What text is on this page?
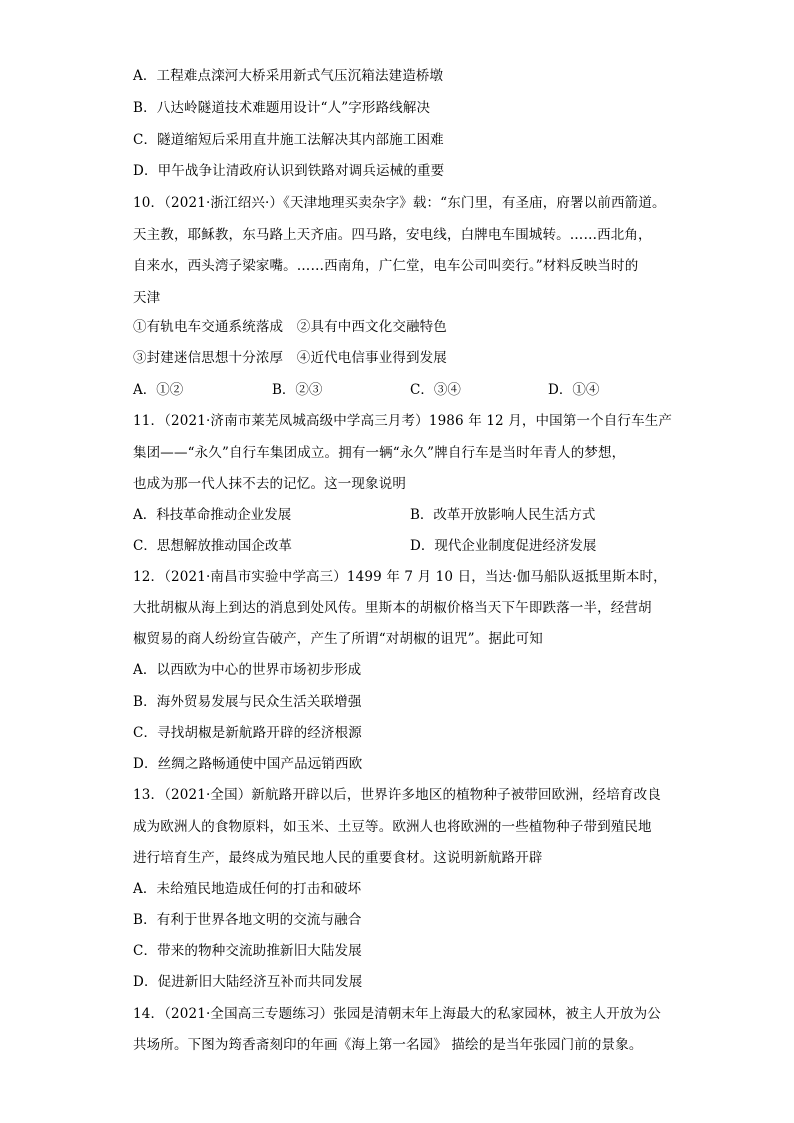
A．工程难点滦河大桥采用新式气压沉箱法建造桥墩
B．八达岭隧道技术难题用设计“人”字形路线解决
C．隧道缩短后采用直井施工法解决其内部施工困难
D．甲午战争让清政府认识到铁路对调兵运械的重要
10．（2021·浙江绍兴·）《天津地理买卖杂字》载：“东门里，有圣庙，府署以前西箭道。
天主教，耶稣教，东马路上天齐庙。四马路，安电线，白牌电车围城转。……西北角，
自来水，西头湾子梁家嘴。……西南角，广仁堂，电车公司叫奕行。”材料反映当时的
天津
①有轨电车交通系统落成　②具有中西文化交融特色
③封建迷信思想十分浓厚　④近代电信事业得到发展
A．①②	B．②③	C．③④	D．①④
11．（2021·济南市莱芜凤城高级中学高三月考）1986 年 12 月，中国第一个自行车生产
集团——“永久”自行车集团成立。拥有一辆“永久”牌自行车是当时年青人的梦想，
也成为那一代人抹不去的记忆。这一现象说明
A．科技革命推动企业发展	B．改革开放影响人民生活方式
C．思想解放推动国企改革	D．现代企业制度促进经济发展
12．（2021·南昌市实验中学高三）1499 年 7 月 10 日，当达·伽马船队返抵里斯本时，
大批胡椒从海上到达的消息到处风传。里斯本的胡椒价格当天下午即跌落一半，经营胡
椒贸易的商人纷纷宣告破产，产生了所谓“对胡椒的诅咒”。据此可知
A．以西欧为中心的世界市场初步形成
B．海外贸易发展与民众生活关联增强
C．寻找胡椒是新航路开辟的经济根源
D．丝绸之路畅通使中国产品远销西欧
13．（2021·全国）新航路开辟以后，世界许多地区的植物种子被带回欧洲，经培育改良
成为欧洲人的食物原料，如玉米、土豆等。欧洲人也将欧洲的一些植物种子带到殖民地
进行培育生产，最终成为殖民地人民的重要食材。这说明新航路开辟
A．未给殖民地造成任何的打击和破坏
B．有利于世界各地文明的交流与融合
C．带来的物种交流助推新旧大陆发展
D．促进新旧大陆经济互补而共同发展
14．（2021·全国高三专题练习）张园是清朝末年上海最大的私家园林，被主人开放为公
共场所。下图为筠香斋刻印的年画《海上第一名园》 描绘的是当年张园门前的景象。
